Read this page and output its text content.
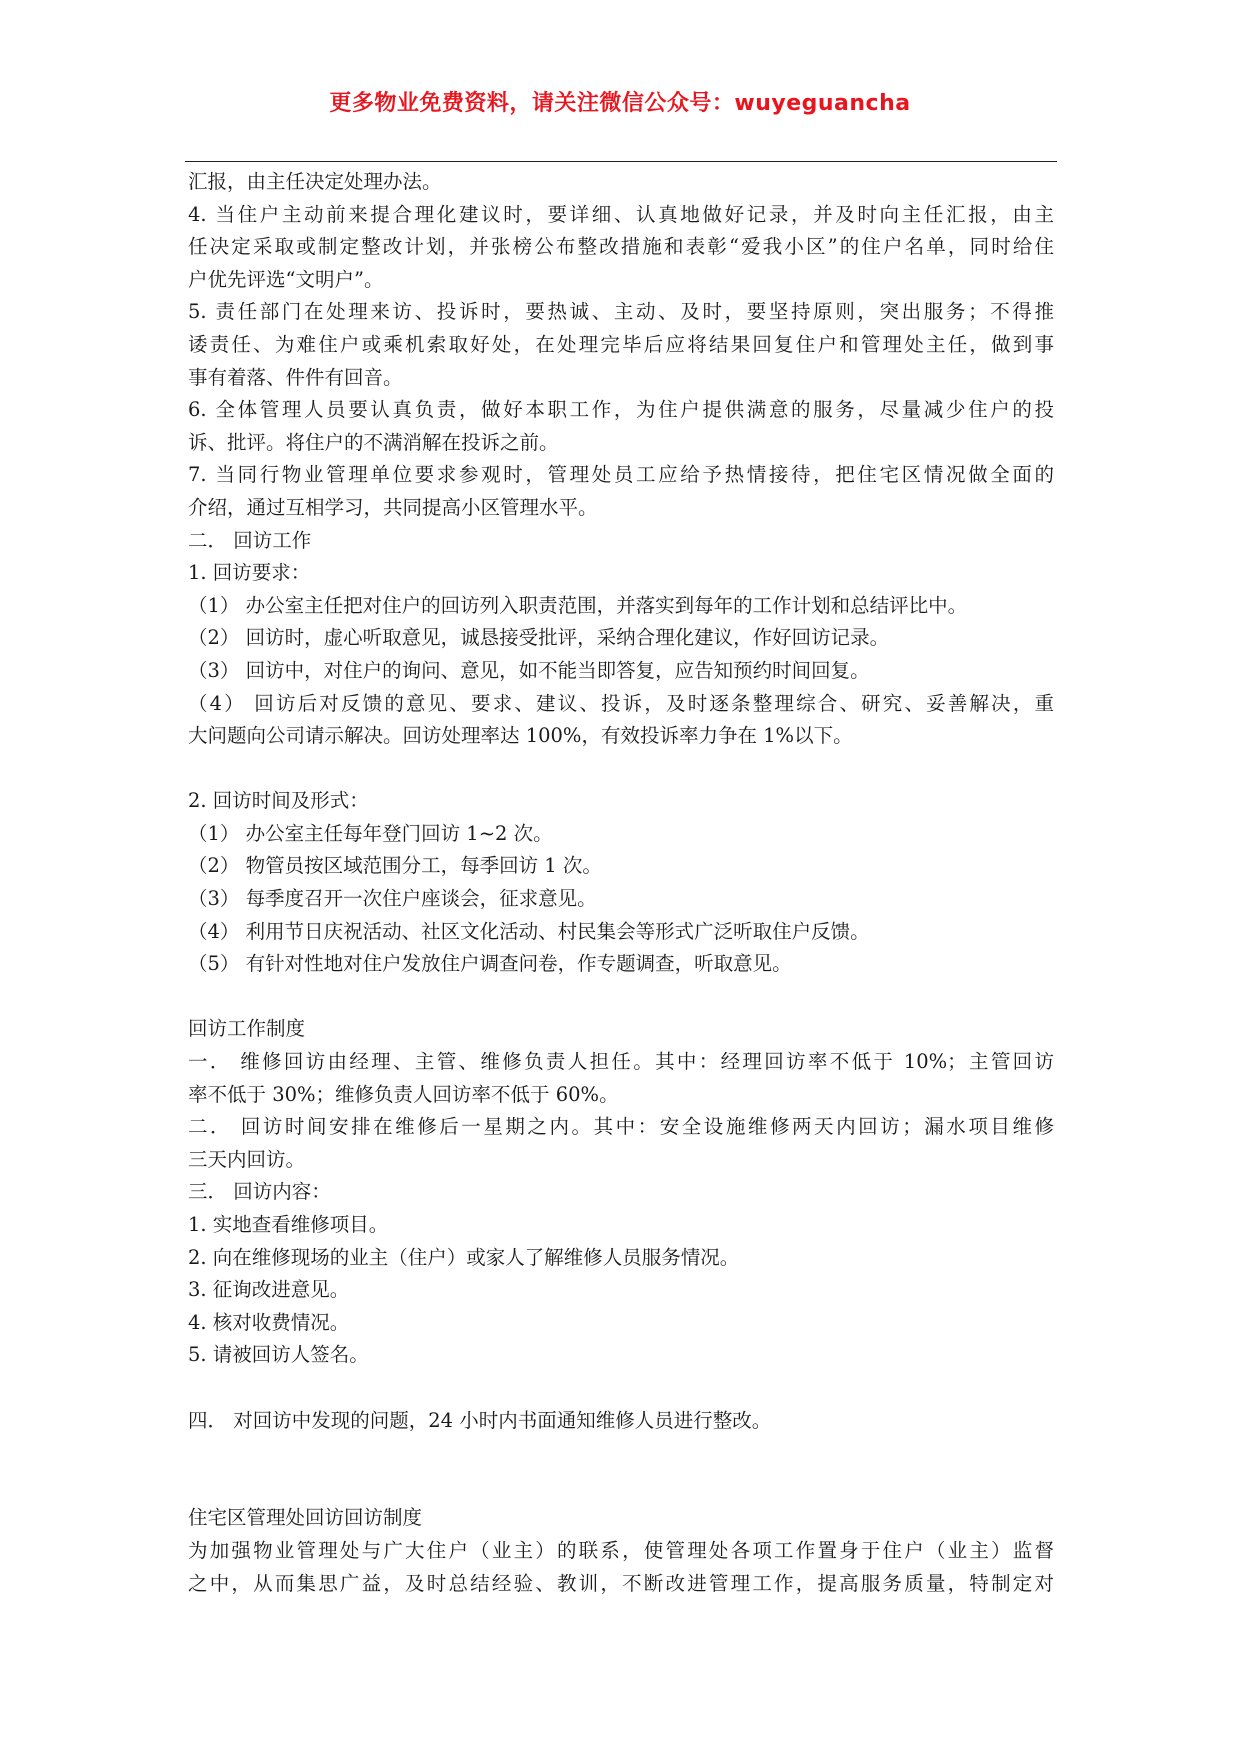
更多物业免费资料，请关注微信公众号：wuyeguancha
汇报，由主任决定处理办法。
4. 当住户主动前来提合理化建议时，要详细、认真地做好记录，并及时向主任汇报，由主
任决定采取或制定整改计划，并张榜公布整改措施和表彰“爱我小区”的住户名单，同时给住
户优先评选“文明户”。
5. 责任部门在处理来访、投诉时，要热诚、主动、及时，要坚持原则，突出服务；不得推
诿责任、为难住户或乘机索取好处，在处理完毕后应将结果回复住户和管理处主任，做到事
事有着落、件件有回音。
6. 全体管理人员要认真负责，做好本职工作，为住户提供满意的服务，尽量减少住户的投
诉、批评。将住户的不满消解在投诉之前。
7. 当同行物业管理单位要求参观时，管理处员工应给予热情接待，把住宅区情况做全面的
介绍，通过互相学习，共同提高小区管理水平。
二． 回访工作
1. 回访要求：
（1） 办公室主任把对住户的回访列入职责范围，并落实到每年的工作计划和总结评比中。
（2） 回访时，虚心听取意见，诚恳接受批评，采纳合理化建议，作好回访记录。
（3） 回访中，对住户的询问、意见，如不能当即答复，应告知预约时间回复。
（4） 回访后对反馈的意见、要求、建议、投诉，及时逐条整理综合、研究、妥善解决，重
大问题向公司请示解决。回访处理率达 100%，有效投诉率力争在 1%以下。
2. 回访时间及形式：
（1） 办公室主任每年登门回访 1~2 次。
（2） 物管员按区域范围分工，每季回访 1 次。
（3） 每季度召开一次住户座谈会，征求意见。
（4） 利用节日庆祝活动、社区文化活动、村民集会等形式广泛听取住户反馈。
（5） 有针对性地对住户发放住户调查问卷，作专题调查，听取意见。
回访工作制度
一． 维修回访由经理、主管、维修负责人担任。其中：经理回访率不低于 10%；主管回访
率不低于 30%；维修负责人回访率不低于 60%。
二． 回访时间安排在维修后一星期之内。其中：安全设施维修两天内回访；漏水项目维修
三天内回访。
三． 回访内容：
1. 实地查看维修项目。
2. 向在维修现场的业主（住户）或家人了解维修人员服务情况。
3. 征询改进意见。
4. 核对收费情况。
5. 请被回访人签名。
四． 对回访中发现的问题，24 小时内书面通知维修人员进行整改。
住宅区管理处回访回访制度
为加强物业管理处与广大住户（业主）的联系，使管理处各项工作置身于住户（业主）监督
之中，从而集思广益，及时总结经验、教训，不断改进管理工作，提高服务质量，特制定对
